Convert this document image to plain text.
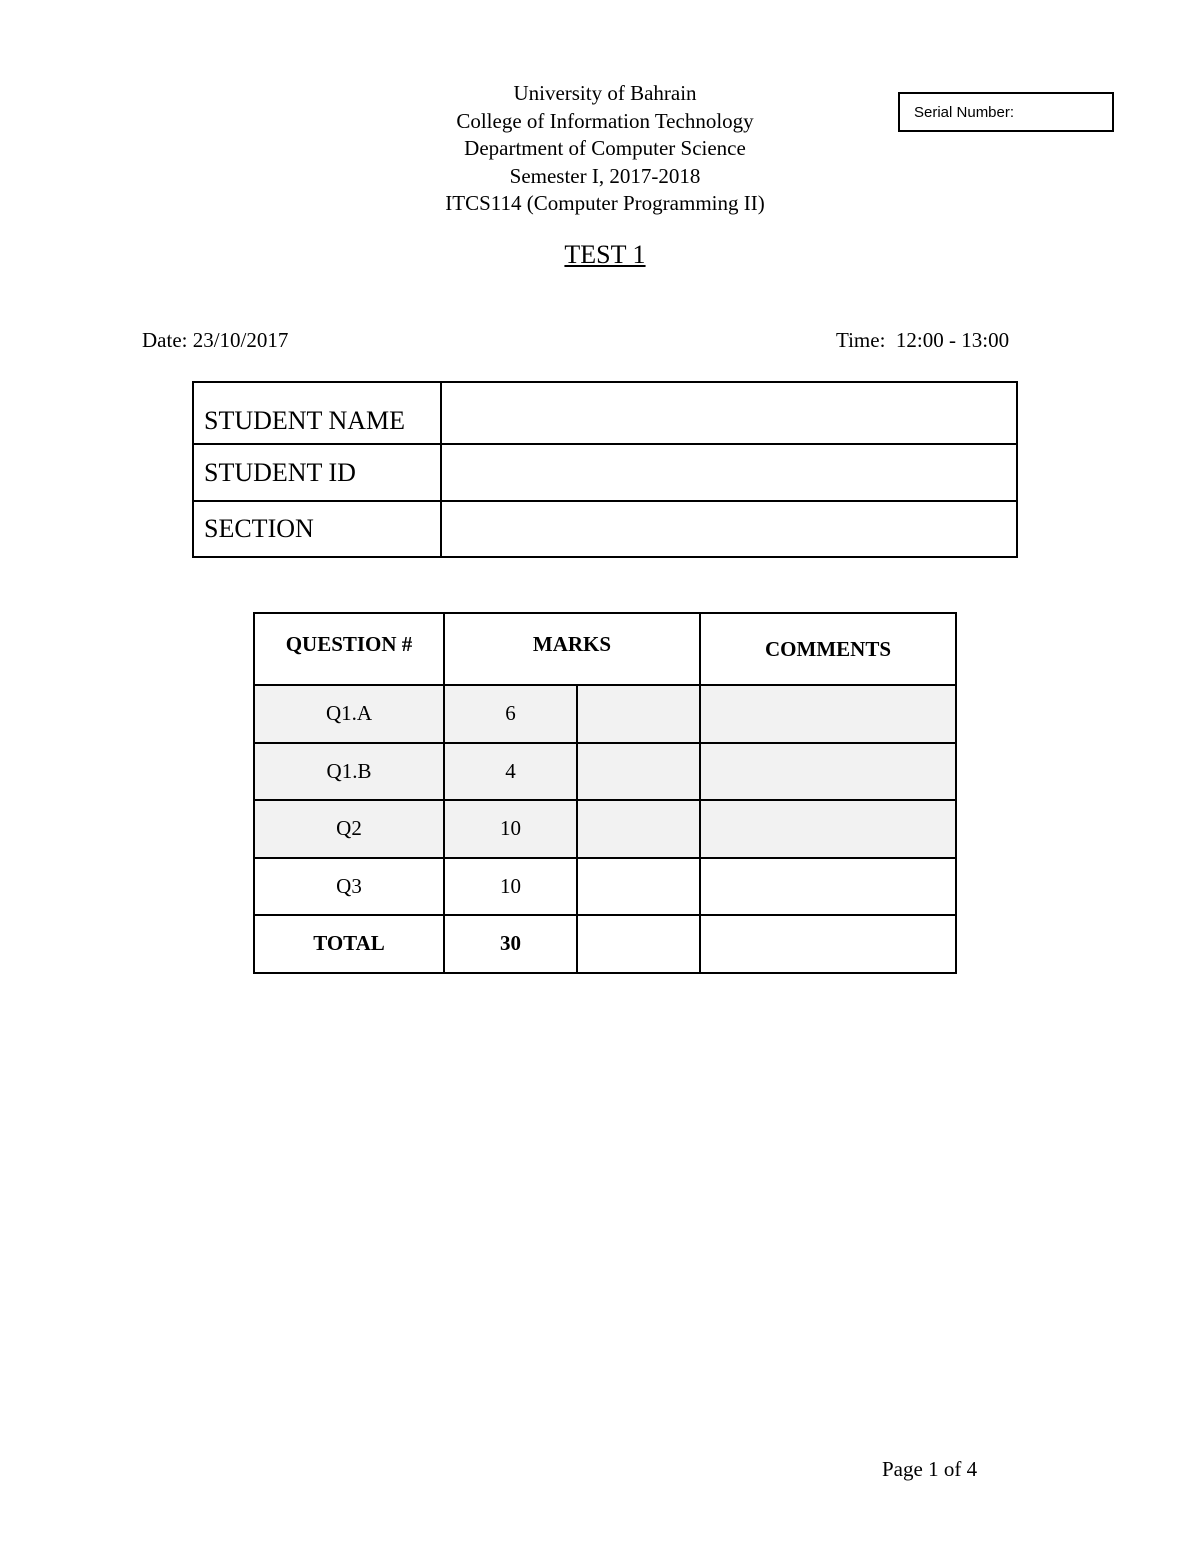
University of Bahrain
College of Information Technology
Department of Computer Science
Semester I, 2017-2018
ITCS114 (Computer Programming II)
Serial Number:
TEST 1
Date: 23/10/2017	Time:  12:00 - 13:00
STUDENT NAME	
STUDENT ID	
SECTION	
QUESTION #	MARKS		COMMENTS
Q1.A	6		
Q1.B	4		
Q2	10		
Q3	10		
TOTAL	30		
Page 1 of 4
